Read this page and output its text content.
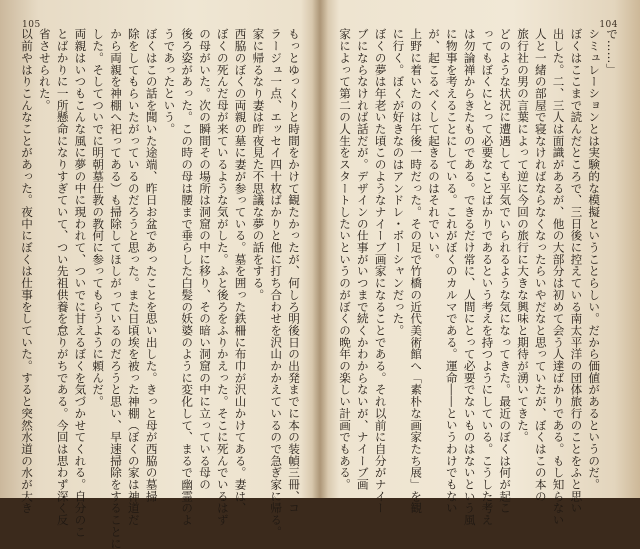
105	104
で……」
シミュレーションとは実験的な模擬ということらしい。だから価値があるというのだ。
ぼくはここまで読んだところで、三日後に控えている南太平洋の団体旅行のことをふと思い
出した。二、三人は面識があるが、他の大部分は初めて会う人達ばかりである。もし知らない
人と一緒の部屋で寝なければならなくなったらいやだなと思っていたが、ぼくはこの本の
旅行社の男の言葉によって逆に今回の旅行に大きな興味と期待が湧いてきた。
どのような状況に遭遇しても平気でいられるような気になってきた。最近のぼくは何が起こ
ってもぼくにとって必要なことばかりであるという考えを持つようにしている。こうした考え
は勿論禅からきたものである。できるだけ常に、人間にとって必要でないものはないという風
に物事を考えることにしている。これがぼくのカルマである。運命――というわけでもない
が、起こるべくして起きるのはそれでいい。
上野に着いたのは午後一時だった。その足で竹橋の近代美術館へ「素朴な画家たち展」を観
に行く。ぼくが好きなのはアンドレ・ボーシャンだった。
ぼくの夢は年老いた頃このようなナイーブ画家になることである。それ以前に自分がナイー
ブにならなければ話だが。デザインの仕事がいつまで続くかわからないが、ナイーブ画
家によって第二の人生をスタートしたいというのがぼくの晩年の楽しい計画でもある。
もっとゆっくりと時間をかけて観たかったが、何しろ明後日の出発までに本の装幀三冊、コ
ラージュ一点、エッセイ四十枚ばかりと他に打ち合わせを沢山かかえているので急ぎ家に帰る。
家に帰るなり妻は昨夜見た不思議な夢の話をする。
西脇のぼくの両親の墓に妻が参っている。墓を囲った鉄柵に布巾が沢山かけてある。妻は、
ぼくの死んだ母が来ているような気がした。ふと後ろをふりかえった。そこに死んでいるはず
の母がいた。次の瞬間その場所は洞窟の中に移り、その暗い洞窟の中に立っている母の
後ろ姿があった。この時の母は腰まで垂らした白髪の妖婆のように変化して、まるで幽霊のよ
うであったという。
ぼくはこの話を聞いた途端、昨日お盆であったことを思い出した。きっと母が西脇の墓掃
除をしてもらいたがっているのだろうと思った。また日頃埃を被った神棚（ぼくの家は神道だ
から両親を神棚へ祀ってある）も掃除してほしがっているのだろうと思い、早速掃除をすることに
した。そしてついでに明朝墓仕教の教何に参ってもらうように頼んだ。
両親はいつもこんな風に夢の中に現われて、ついでに甘えるぼくを気づかせてくれる。自分のこ
とばかりに一所懸命になりすぎていて、つい先祖供養を怠りがちである。今回は思わず深く反
省させられた。
以前やはりこんなことがあった。夜中にぼくは仕事をしていた。すると突然水道の水が大き
